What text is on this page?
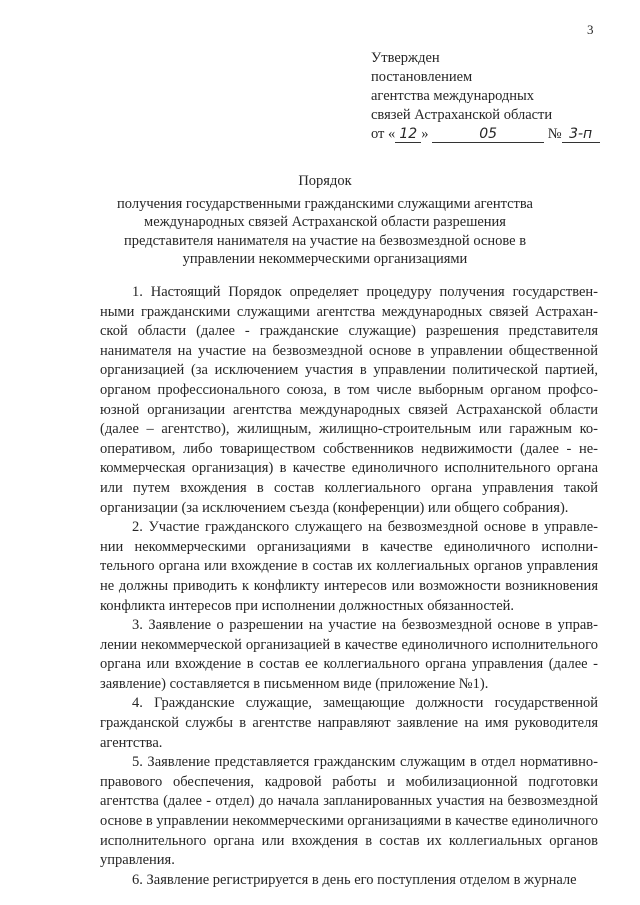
3
Утвержден
постановлением
агентства международных
связей Астраханской области
от « 12 »	05	№ 3-п
Порядок
получения государственными гражданскими служащими агентства международных связей Астраханской области разрешения представителя нанимателя на участие на безвозмездной основе в управлении некоммерческими организациями

1. Настоящий Порядок определяет процедуру получения государственными гражданскими служащими агентства международных связей Астраханской области (далее - гражданские служащие) разрешения представителя нанимателя на участие на безвозмездной основе в управлении общественной организацией (за исключением участия в управлении политической партией, органом профессионального союза, в том числе выборным органом профсоюзной организации агентства международных связей Астраханской области (далее – агентство), жилищным, жилищно-строительным или гаражным кооперативом, либо товариществом собственников недвижимости (далее - некоммерческая организация) в качестве единоличного исполнительного органа или путем вхождения в состав коллегиального органа управления такой организации (за исключением съезда (конференции) или общего собрания).

2. Участие гражданского служащего на безвозмездной основе в управлении некоммерческими организациями в качестве единоличного исполнительного органа или вхождение в состав их коллегиальных органов управления не должны приводить к конфликту интересов или возможности возникновения конфликта интересов при исполнении должностных обязанностей.

3. Заявление о разрешении на участие на безвозмездной основе в управлении некоммерческой организацией в качестве единоличного исполнительного органа или вхождение в состав ее коллегиального органа управления (далее - заявление) составляется в письменном виде (приложение №1).

4. Гражданские служащие, замещающие должности государственной гражданской службы в агентстве направляют заявление на имя руководителя агентства.

5. Заявление представляется гражданским служащим в отдел нормативно-правового обеспечения, кадровой работы и мобилизационной подготовки агентства (далее - отдел) до начала запланированных участия на безвозмездной основе в управлении некоммерческими организациями в качестве единоличного исполнительного органа или вхождения в состав их коллегиальных органов управления.

6. Заявление регистрируется в день его поступления отделом в журнале
